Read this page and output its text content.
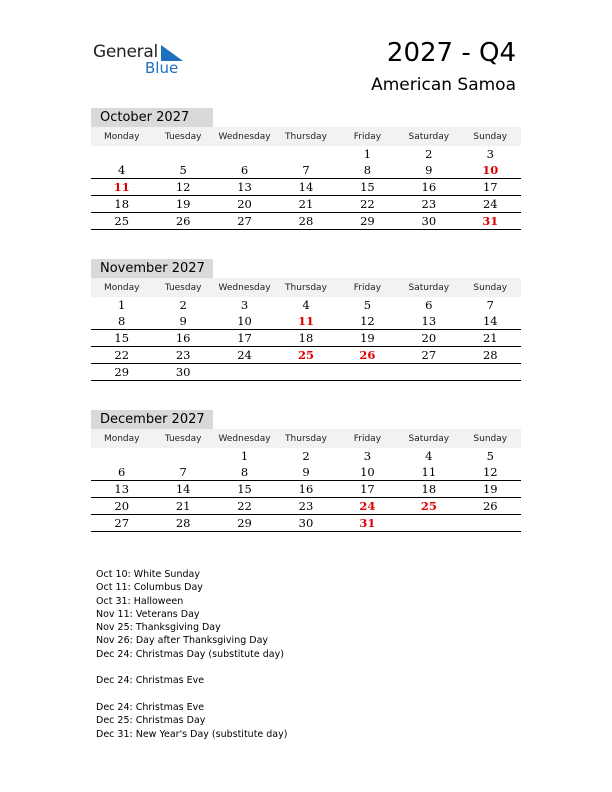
General
Blue	2027 - Q4
American Samoa
October 2027
Monday	Tuesday	Wednesday	Thursday	Friday	Saturday	Sunday
				1	2	3
4	5	6	7	8	9	10
11	12	13	14	15	16	17
18	19	20	21	22	23	24
25	26	27	28	29	30	31
November 2027
Monday	Tuesday	Wednesday	Thursday	Friday	Saturday	Sunday
1	2	3	4	5	6	7
8	9	10	11	12	13	14
15	16	17	18	19	20	21
22	23	24	25	26	27	28
29	30					
December 2027
Monday	Tuesday	Wednesday	Thursday	Friday	Saturday	Sunday
		1	2	3	4	5
6	7	8	9	10	11	12
13	14	15	16	17	18	19
20	21	22	23	24	25	26
27	28	29	30	31		
Oct 10: White Sunday
Oct 11: Columbus Day
Oct 31: Halloween
Nov 11: Veterans Day
Nov 25: Thanksgiving Day
Nov 26: Day after Thanksgiving Day
Dec 24: Christmas Day (substitute day)
Dec 24: Christmas Eve
Dec 24: Christmas Eve
Dec 25: Christmas Day
Dec 31: New Year's Day (substitute day)
